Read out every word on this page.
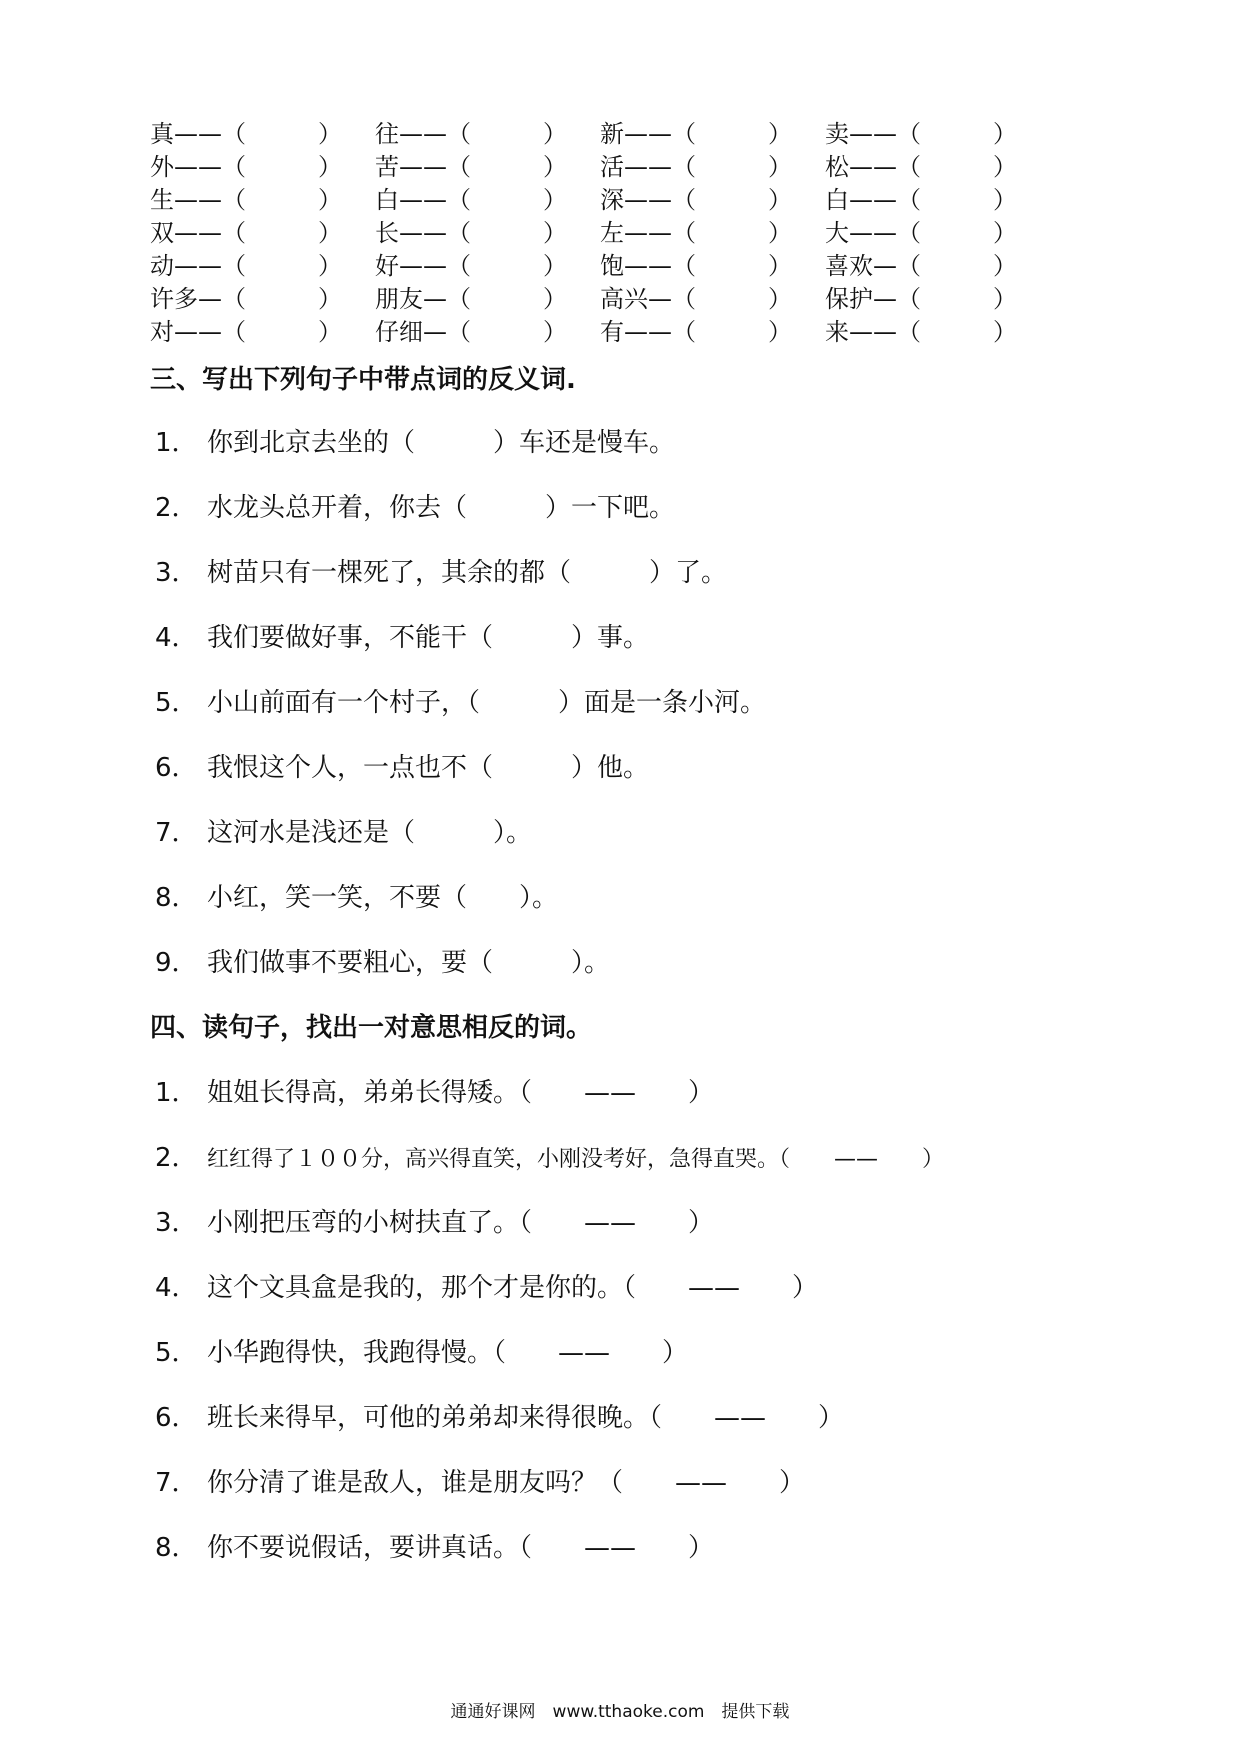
真——（　　　） 往——（　　　） 新——（　　　） 卖——（　　　）
外——（　　　） 苦——（　　　） 活——（　　　） 松——（　　　）
生——（　　　） 白——（　　　） 深——（　　　） 白——（　　　）
双——（　　　） 长——（　　　） 左——（　　　） 大——（　　　）
动——（　　　） 好——（　　　） 饱——（　　　） 喜欢—（　　　）
许多—（　　　） 朋友—（　　　） 高兴—（　　　） 保护—（　　　）
对——（　　　） 仔细—（　　　） 有——（　　　） 来——（　　　）
三、写出下列句子中带点词的反义词.
1． 你到北京去坐的（　　　）车还是慢车。
2． 水龙头总开着，你去（　　　）一下吧。
3． 树苗只有一棵死了，其余的都（　　　）了。
4． 我们要做好事，不能干（　　　）事。
5． 小山前面有一个村子，（　　　）面是一条小河。
6． 我恨这个人，一点也不（　　　）他。
7． 这河水是浅还是（　　　）。
8． 小红，笑一笑，不要（　　）。
9． 我们做事不要粗心，要（　　　）。
四、读句子，找出一对意思相反的词。
1． 姐姐长得高，弟弟长得矮。（　　——　　）
2． 红红得了１００分，高兴得直笑，小刚没考好，急得直哭。（　　——　　）
3． 小刚把压弯的小树扶直了。（　　——　　）
4． 这个文具盒是我的，那个才是你的。（　　——　　）
5． 小华跑得快，我跑得慢。（　　——　　）
6． 班长来得早，可他的弟弟却来得很晚。（　　——　　）
7． 你分清了谁是敌人，谁是朋友吗？（　　——　　）
8． 你不要说假话，要讲真话。（　　——　　）
通通好课网　www.tthaoke.com　提供下载
